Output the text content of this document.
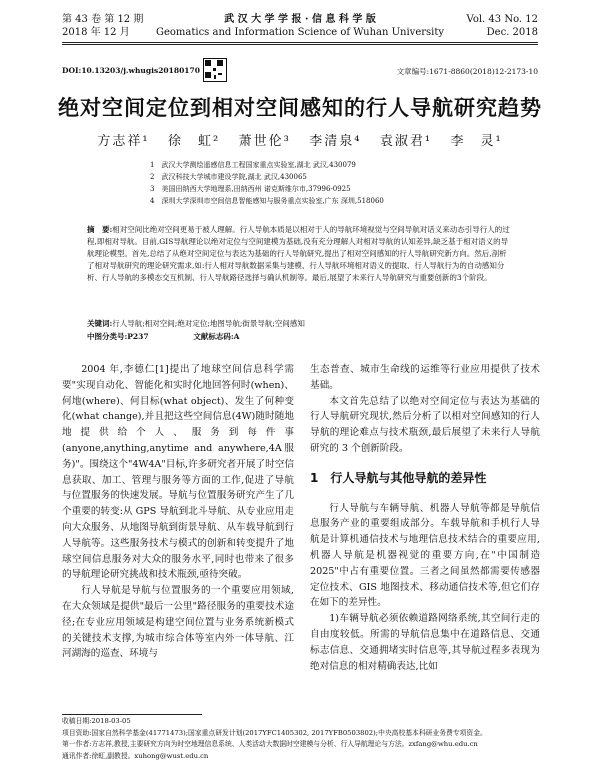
第 43 卷 第 12 期
2018 年 12 月
武 汉 大 学 学 报 · 信 息 科 学 版
Geomatics and Information Science of Wuhan University
Vol. 43 No. 12
Dec. 2018
DOI:10.13203/j.whugis20180170	文章编号:1671-8860(2018)12-2173-10
绝对空间定位到相对空间感知的行人导航研究趋势
方志祥¹ 徐　虹² 萧世伦³ 李清泉⁴ 袁淑君¹ 李　灵¹
1　武汉大学测绘遥感信息工程国家重点实验室,湖北 武汉,430079
2　武汉科技大学城市建设学院,湖北 武汉,430065
3　美国田纳西大学地理系,田纳西州 诺克斯维尔市,37996-0925
4　深圳大学深圳市空间信息智能感知与服务重点实验室,广东 深圳,518060
摘　要:相对空间比绝对空间更易于被人理解。行人导航本质是以相对于人的导航环境视觉与空间导航对话义来动态引导行人的过程,即相对导航。目前,GIS导航理论以绝对定位与空间建模为基础,没有充分理解人对相对导航的认知差异,缺乏基于相对语义的导航理论模型。首先,总结了从绝对空间定位与表达为基础的行人导航研究,提出了相对空间感知的行人导航研究新方向。然后,剖析了相对导航研究的理论研究需求,如:行人相对导航数据采集与建模、行人导航环境相对语义的提取、行人导航行为的自动感知分析、行人导航的多模态交互机制、行人导航路径选择与确认机制等。最后,展望了未来行人导航研究与重要创新的3个阶段。
关键词:行人导航;相对空间;绝对定位;地图导航;街景导航;空间感知
中图分类号:P237	文献标志码:A

2004 年,李德仁[1]提出了地球空间信息科学需要"实现自动化、智能化和实时化地回答何时(when)、何地(where)、何目标(what object)、发生了何种变化(what change),并且把这些空间信息(4W)随时随地地提供给个人、服务到每件事(anyone,anything,anytime and anywhere,4A服务)"。围绕这个"4W4A"目标,许多研究者开展了时空信息获取、加工、管理与服务等方面的工作,促进了导航与位置服务的快速发展。导航与位置服务研究产生了几个重要的转变:从 GPS 导航到北斗导航、从专业应用走向大众服务、从地图导航到街景导航、从车载导航到行人导航等。这些服务技术与模式的创新和转变提升了地球空间信息服务对大众的服务水平,同时也带来了很多的导航理论研究挑战和技术瓶颈,亟待突破。

行人导航是导航与位置服务的一个重要应用领域,在大众领域是提供"最后一公里"路径服务的重要技术途径;在专业应用领域是构建空间位置与业务系统新模式的关键技术支撑,为城市综合体等室内外一体导航、江河湖海的巡查、环境与

生态普查、城市生命线的运维等行业应用提供了技术基础。

本文首先总结了以绝对空间定位与表达为基础的行人导航研究现状,然后分析了以相对空间感知的行人导航的理论难点与技术瓶颈,最后展望了未来行人导航研究的 3 个创新阶段。

1　行人导航与其他导航的差异性

行人导航与车辆导航、机器人导航等都是导航信息服务产业的重要组成部分。车载导航和手机行人导航是计算机通信技术与地理信息技术结合的重要应用,机器人导航是机器视觉的重要方向,在"中国制造 2025"中占有重要位置。三者之间虽然都需要传感器定位技术、GIS 地图技术、移动通信技术等,但它们存在如下的差异性。

1)车辆导航必须依赖道路网络系统,其空间行走的自由度较低。所需的导航信息集中在道路信息、交通标志信息、交通拥堵实时信息等,其导航过程多表现为绝对信息的相对精确表达,比如

收稿日期:2018-03-05
项目资助:国家自然科学基金(41771473);国家重点研发计划(2017YFC1405302, 2017YFB0503802);中央高校基本科研业务费专项资金。
第一作者:方志祥,教授,主要研究方向为时空地理信息系统、人类活动大数据时空建模与分析、行人导航理论与方法。zxfang@whu.edu.cn
通讯作者:徐虹,副教授。xuhong@wust.edu.cn
